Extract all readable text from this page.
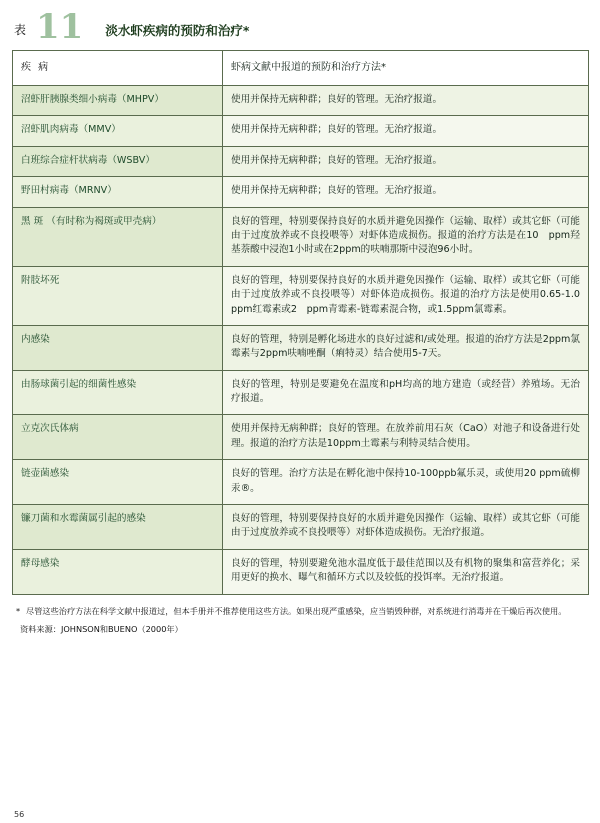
表 11 淡水虾疾病的预防和治疗*
疾 病	虾病文献中报道的预防和治疗方法*
沼虾肝胰腺类细小病毒（MHPV）	使用并保持无病种群；良好的管理。无治疗报道。
沼虾肌肉病毒（MMV）	使用并保持无病种群；良好的管理。无治疗报道。
白班综合症杆状病毒（WSBV）	使用并保持无病种群；良好的管理。无治疗报道。
野田村病毒（MRNV）	使用并保持无病种群；良好的管理。无治疗报道。
黑 斑 （有时称为褐斑或甲壳病）	良好的管理，特别要保持良好的水质并避免因操作（运输、取样）或其它虾（可能由于过度放养或不良投喂等）对虾体造成损伤。报道的治疗方法是在10　ppm羟基萘酸中浸泡1小时或在2ppm的呋喃那斯中浸泡96小时。
附肢坏死	良好的管理，特别要保持良好的水质并避免因操作（运输、取样）或其它虾（可能由于过度放养或不良投喂等）对虾体造成损伤。报道的治疗方法是使用0.65-1.0　ppm红霉素或2　ppm青霉素-链霉素混合物，或1.5ppm氯霉素。
内感染	良好的管理，特别是孵化场进水的良好过滤和/或处理。报道的治疗方法是2ppm氯霉素与2ppm呋喃唑酮（痢特灵）结合使用5-7天。
由肠球菌引起的细菌性感染	良好的管理，特别是要避免在温度和pH均高的地方建造（或经营）养殖场。无治疗报道。
立克次氏体病	使用并保持无病种群；良好的管理。在放养前用石灰（CaO）对池子和设备进行处理。报道的治疗方法是10ppm土霉素与利特灵结合使用。
链壶菌感染	良好的管理。治疗方法是在孵化池中保持10-100ppb氟乐灵，或使用20 ppm硫柳汞®。
镰刀菌和水霉菌属引起的感染	良好的管理，特别要保持良好的水质并避免因操作（运输、取样）或其它虾（可能由于过度放养或不良投喂等）对虾体造成损伤。无治疗报道。
酵母感染	良好的管理，特别要避免池水温度低于最佳范围以及有机物的聚集和富营养化；采用更好的换水、曝气和循环方式以及较低的投饵率。无治疗报道。
* 尽管这些治疗方法在科学文献中报道过，但本手册并不推荐使用这些方法。如果出现严重感染，应当销毁种群，对系统进行消毒并在干燥后再次使用。
资料来源：JOHNSON和BUENO（2000年）
56
